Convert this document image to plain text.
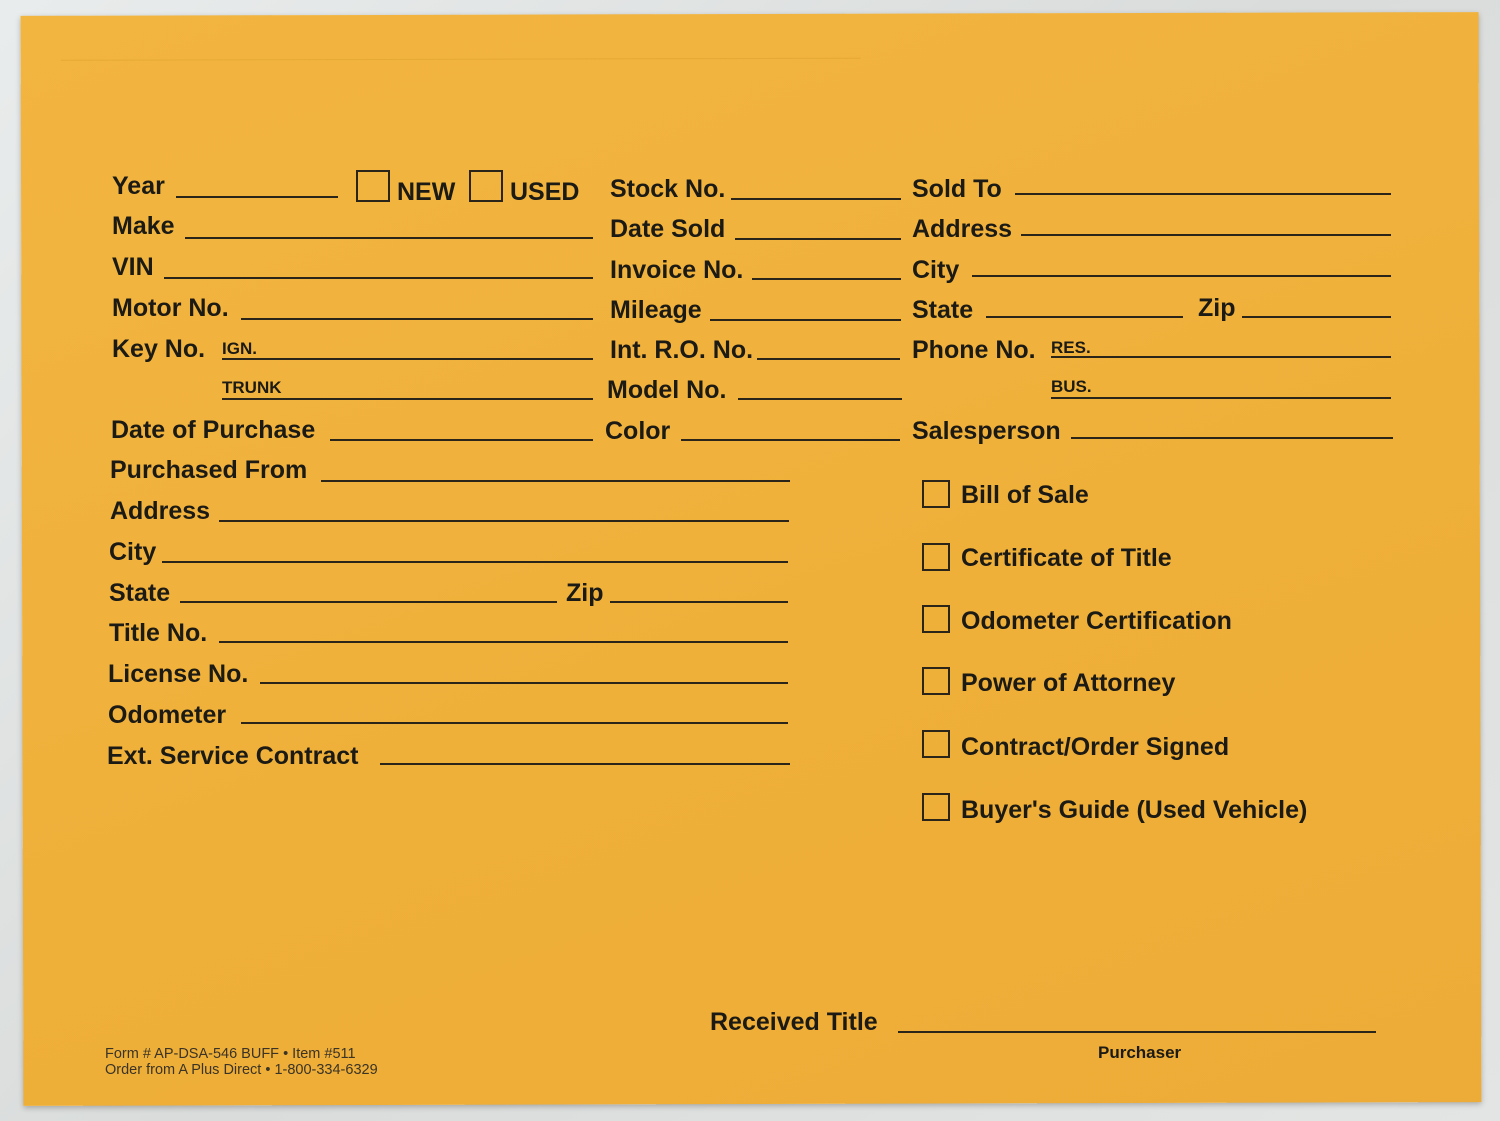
Year	NEW USED
Make
VIN
Motor No.
Key No. IGN.
TRUNK
Stock No.
Date Sold
Invoice No.
Mileage
Int. R.O. No.
Model No.
Color
Sold To
Address
City
State	Zip
Phone No. RES.
BUS.
Salesperson
Date of Purchase
Purchased From
Address
City
State	Zip
Title No.
License No.
Odometer
Ext. Service Contract
Bill of Sale
Certificate of Title
Odometer Certification
Power of Attorney
Contract/Order Signed
Buyer's Guide (Used Vehicle)
Received Title
Purchaser
Form # AP-DSA-546 BUFF • Item #511
Order from A Plus Direct • 1-800-334-6329
